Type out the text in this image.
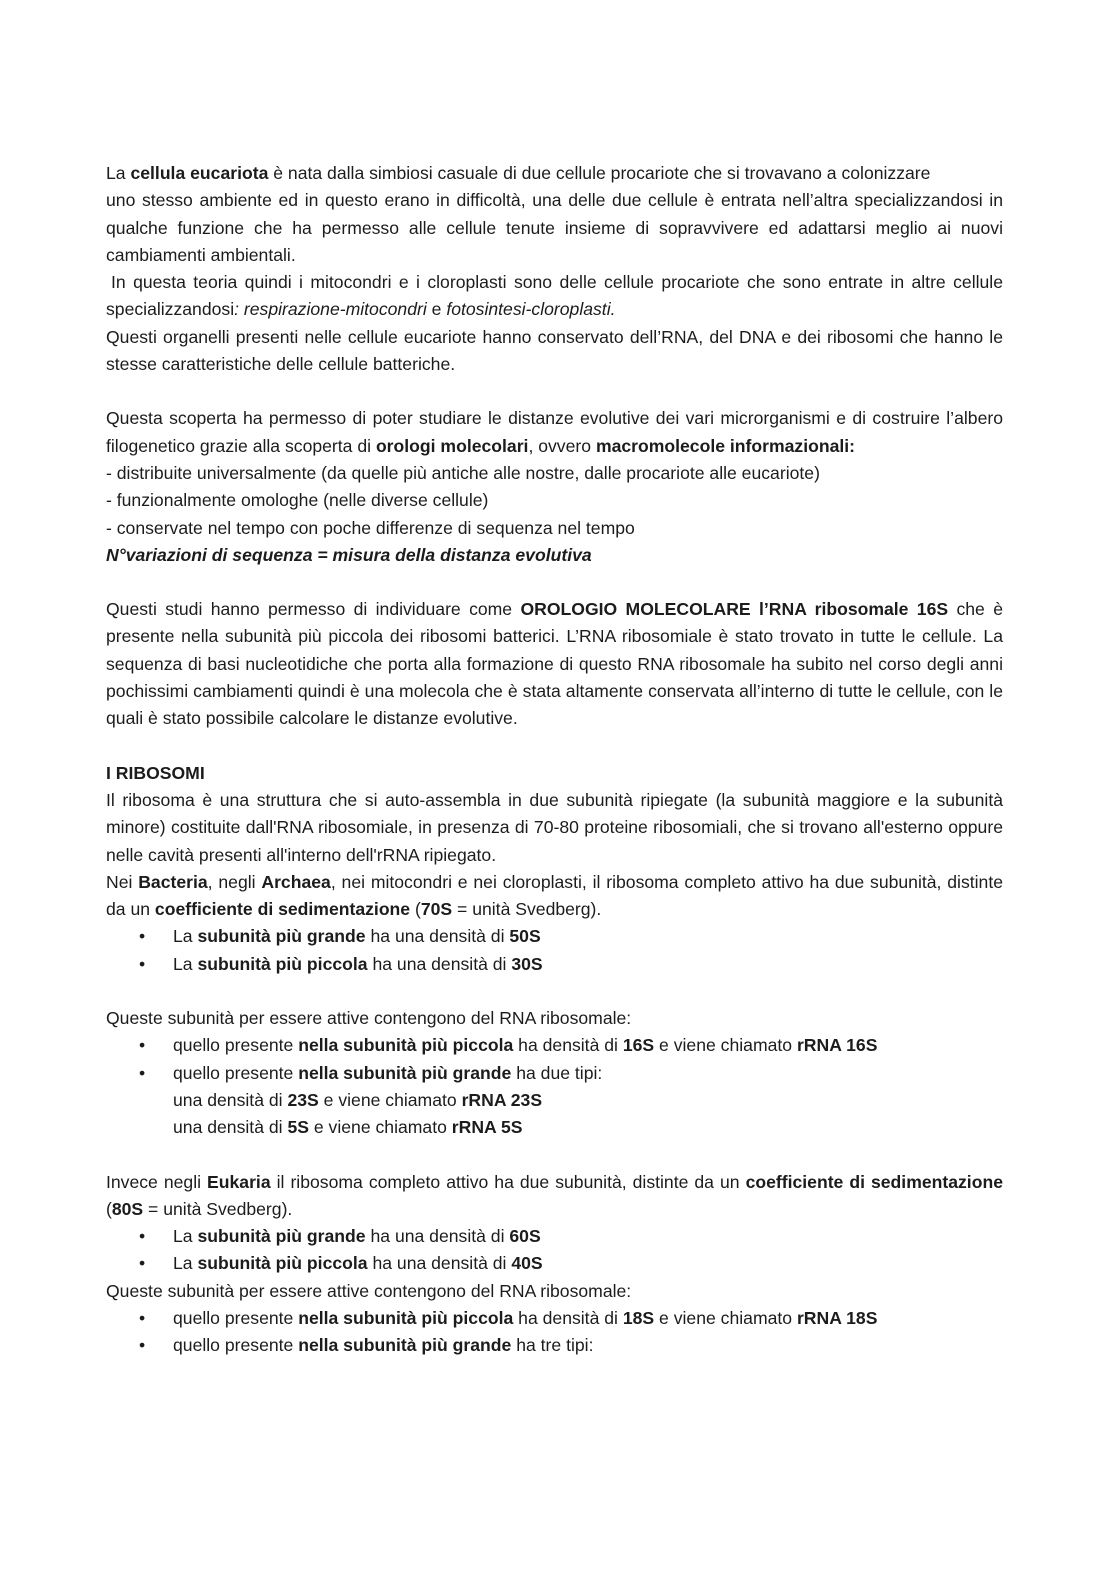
La cellula eucariota è nata dalla simbiosi casuale di due cellule procariote che si trovavano a colonizzare

uno stesso ambiente ed in questo erano in difficoltà, una delle due cellule è entrata nell’altra specializzandosi in qualche funzione che ha permesso alle cellule tenute insieme di sopravvivere ed adattarsi meglio ai nuovi cambiamenti ambientali.

In questa teoria quindi i mitocondri e i cloroplasti sono delle cellule procariote che sono entrate in altre cellule specializzandosi: respirazione-mitocondri e fotosintesi-cloroplasti.

Questi organelli presenti nelle cellule eucariote hanno conservato dell’RNA, del DNA e dei ribosomi che hanno le stesse caratteristiche delle cellule batteriche.

Questa scoperta ha permesso di poter studiare le distanze evolutive dei vari microrganismi e di costruire l’albero filogenetico grazie alla scoperta di orologi molecolari, ovvero macromolecole informazionali:

- distribuite universalmente (da quelle più antiche alle nostre, dalle procariote alle eucariote)
- funzionalmente omologhe (nelle diverse cellule)
- conservate nel tempo con poche differenze di sequenza nel tempo
N°variazioni di sequenza = misura della distanza evolutiva

Questi studi hanno permesso di individuare come OROLOGIO MOLECOLARE l’RNA ribosomale 16S che è presente nella subunità più piccola dei ribosomi batterici. L’RNA ribosomiale è stato trovato in tutte le cellule. La sequenza di basi nucleotidiche che porta alla formazione di questo RNA ribosomale ha subito nel corso degli anni pochissimi cambiamenti quindi è una molecola che è stata altamente conservata all’interno di tutte le cellule, con le quali è stato possibile calcolare le distanze evolutive.

I RIBOSOMI

Il ribosoma è una struttura che si auto-assembla in due subunità ripiegate (la subunità maggiore e la subunità minore) costituite dall'RNA ribosomiale, in presenza di 70-80 proteine ribosomiali, che si trovano all'esterno oppure nelle cavità presenti all'interno dell'rRNA ripiegato.

Nei Bacteria, negli Archaea, nei mitocondri e nei cloroplasti, il ribosoma completo attivo ha due subunità, distinte da un coefficiente di sedimentazione (70S = unità Svedberg).

• La subunità più grande ha una densità di 50S
• La subunità più piccola ha una densità di 30S

Queste subunità per essere attive contengono del RNA ribosomale:

• quello presente nella subunità più piccola ha densità di 16S e viene chiamato rRNA 16S
• quello presente nella subunità più grande ha due tipi:
una densità di 23S e viene chiamato rRNA 23S
una densità di 5S e viene chiamato rRNA 5S

Invece negli Eukaria il ribosoma completo attivo ha due subunità, distinte da un coefficiente di sedimentazione (80S = unità Svedberg).

• La subunità più grande ha una densità di 60S
• La subunità più piccola ha una densità di 40S

Queste subunità per essere attive contengono del RNA ribosomale:

• quello presente nella subunità più piccola ha densità di 18S e viene chiamato rRNA 18S
• quello presente nella subunità più grande ha tre tipi:
